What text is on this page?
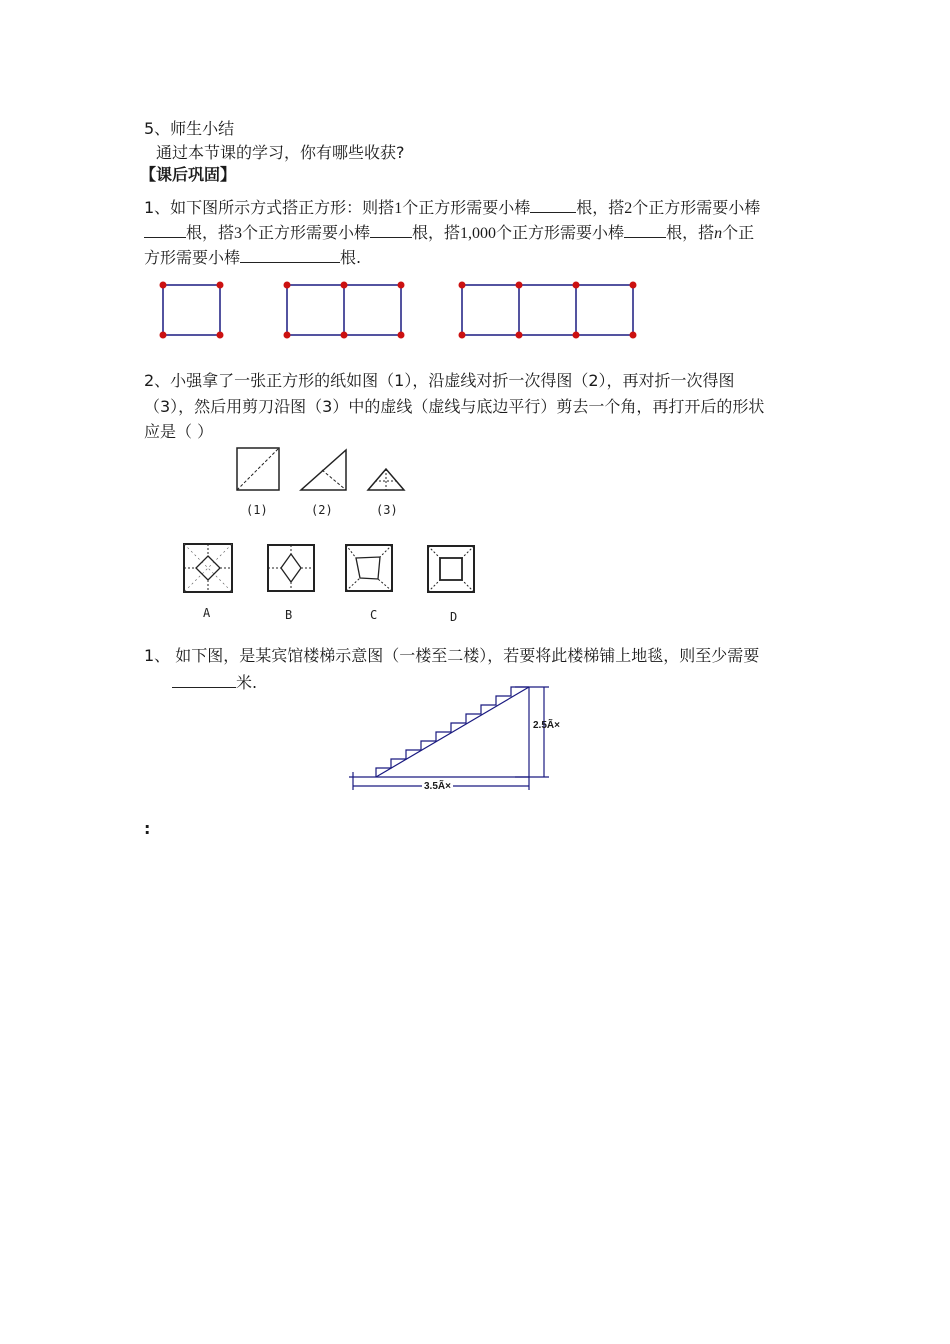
5、师生小结
通过本节课的学习，你有哪些收获?
【课后巩固】
1、如下图所示方式搭正方形：则搭1个正方形需要小棒	根，搭2个正方形需要小棒
根，搭3个正方形需要小棒	根，搭1,000个正方形需要小棒	根，搭n个正
方形需要小棒	根.
2、小强拿了一张正方形的纸如图（1），沿虚线对折一次得图（2），再对折一次得图
（3），然后用剪刀沿图（3）中的虚线（虚线与底边平行）剪去一个角，再打开后的形状
应是（ ）
(1)	(2)	(3)
A	B	C	D
1、 如下图，是某宾馆楼梯示意图（一楼至二楼），若要将此楼梯铺上地毯，则至少需要
米.
2.5Ã×
3.5Ã×
:
